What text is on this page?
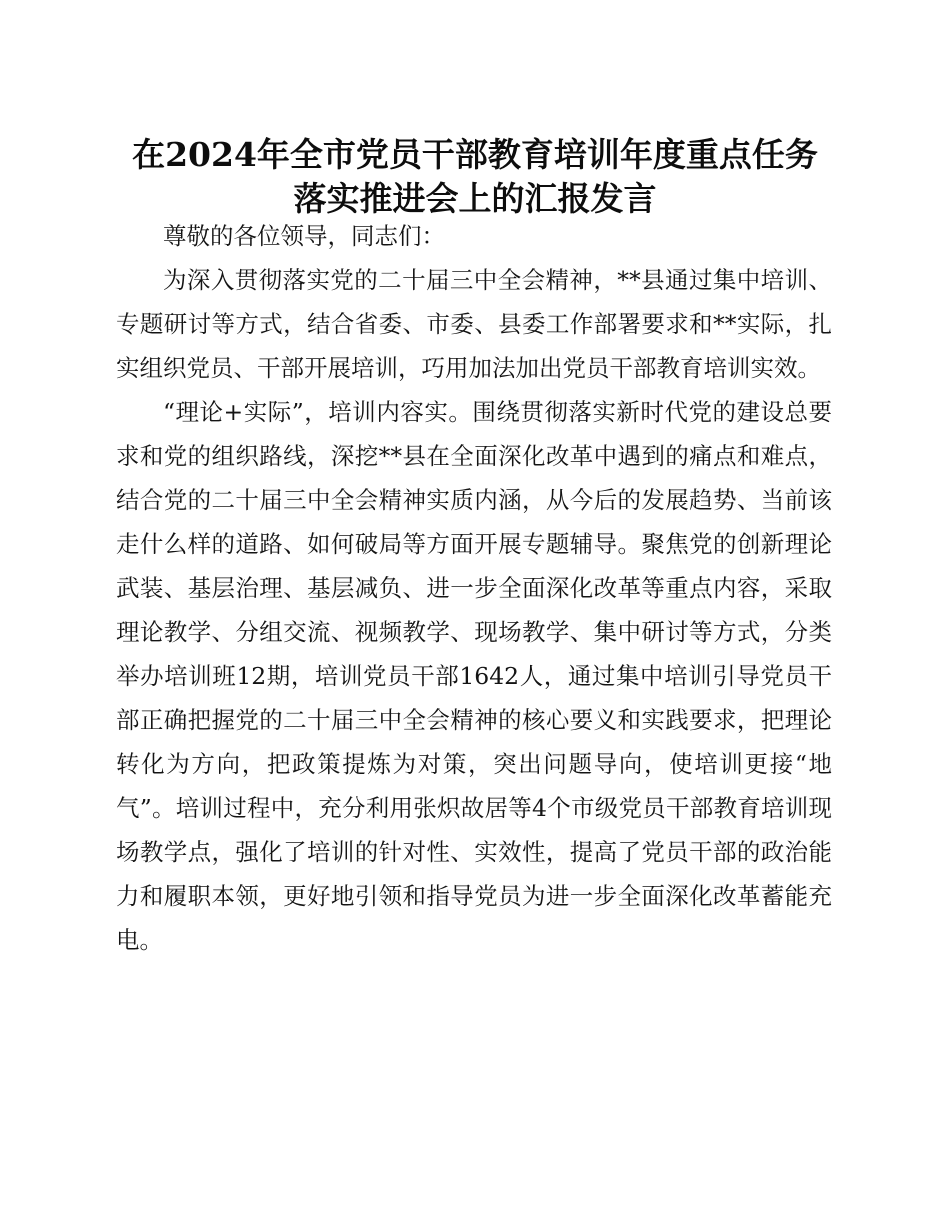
在2024年全市党员干部教育培训年度重点任务
落实推进会上的汇报发言

尊敬的各位领导，同志们：

为深入贯彻落实党的二十届三中全会精神，**县通过集中培训、专题研讨等方式，结合省委、市委、县委工作部署要求和**实际，扎实组织党员、干部开展培训，巧用加法加出党员干部教育培训实效。

“理论+实际”，培训内容实。围绕贯彻落实新时代党的建设总要求和党的组织路线，深挖**县在全面深化改革中遇到的痛点和难点，结合党的二十届三中全会精神实质内涵，从今后的发展趋势、当前该走什么样的道路、如何破局等方面开展专题辅导。聚焦党的创新理论武装、基层治理、基层减负、进一步全面深化改革等重点内容，采取理论教学、分组交流、视频教学、现场教学、集中研讨等方式，分类举办培训班12期，培训党员干部1642人，通过集中培训引导党员干部正确把握党的二十届三中全会精神的核心要义和实践要求，把理论转化为方向，把政策提炼为对策，突出问题导向，使培训更接“地气”。培训过程中，充分利用张炽故居等4个市级党员干部教育培训现场教学点，强化了培训的针对性、实效性，提高了党员干部的政治能力和履职本领，更好地引领和指导党员为进一步全面深化改革蓄能充电。
